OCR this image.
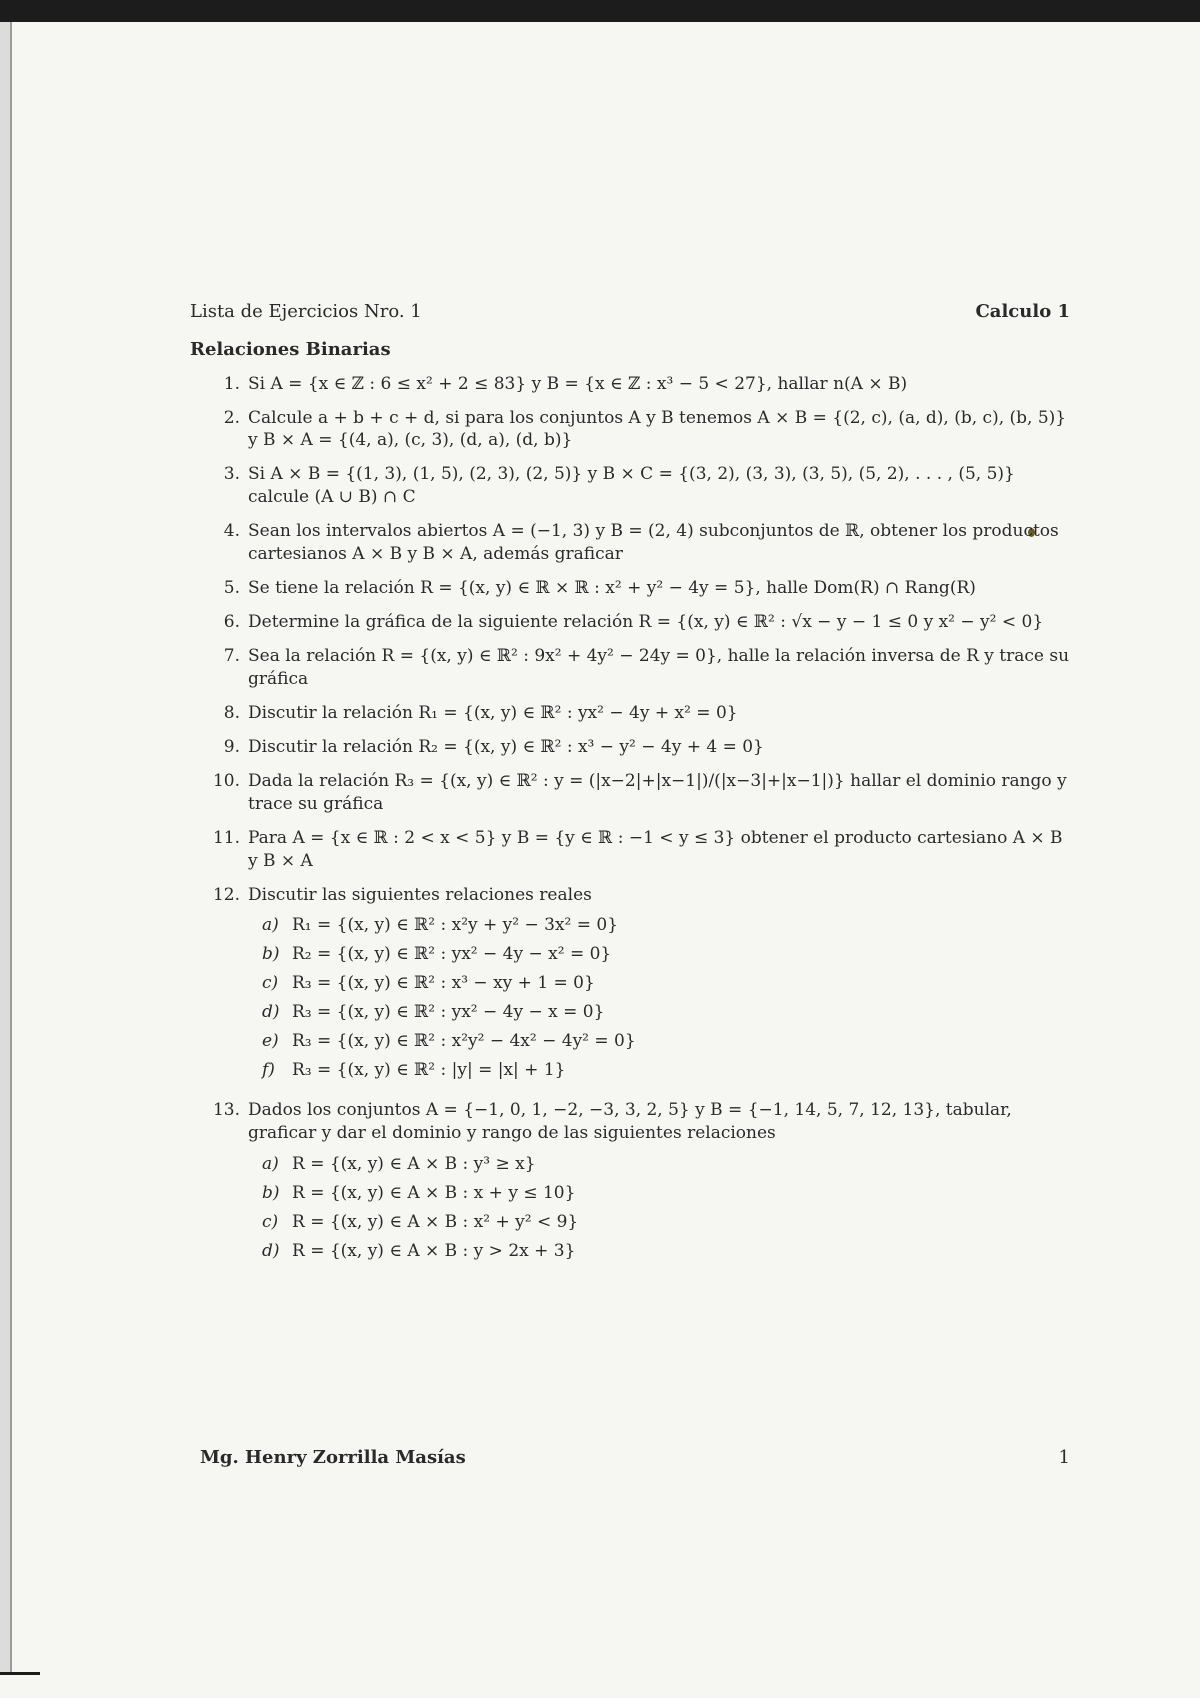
Lista de Ejercicios Nro. 1	Calculo 1
Relaciones Binarias
1. Si A = {x ∈ ℤ : 6 ≤ x² + 2 ≤ 83} y B = {x ∈ ℤ : x³ − 5 < 27}, hallar n(A × B)
2. Calcule a + b + c + d, si para los conjuntos A y B tenemos A × B = {(2, c), (a, d), (b, c), (b, 5)} y B × A = {(4, a), (c, 3), (d, a), (d, b)}
3. Si A × B = {(1, 3), (1, 5), (2, 3), (2, 5)} y B × C = {(3, 2), (3, 3), (3, 5), (5, 2), . . . , (5, 5)} calcule (A ∪ B) ∩ C
4. Sean los intervalos abiertos A = (−1, 3) y B = (2, 4) subconjuntos de ℝ, obtener los productos cartesianos A × B y B × A, además graficar
5. Se tiene la relación R = {(x, y) ∈ ℝ × ℝ : x² + y² − 4y = 5}, halle Dom(R) ∩ Rang(R)
6. Determine la gráfica de la siguiente relación R = {(x, y) ∈ ℝ² : √x − y − 1 ≤ 0 y x² − y² < 0}
7. Sea la relación R = {(x, y) ∈ ℝ² : 9x² + 4y² − 24y = 0}, halle la relación inversa de R y trace su gráfica
8. Discutir la relación R₁ = {(x, y) ∈ ℝ² : yx² − 4y + x² = 0}
9. Discutir la relación R₂ = {(x, y) ∈ ℝ² : x³ − y² − 4y + 4 = 0}
10. Dada la relación R₃ = {(x, y) ∈ ℝ² : y = (|x−2|+|x−1|)/(|x−3|+|x−1|)} hallar el dominio rango y trace su gráfica
11. Para A = {x ∈ ℝ : 2 < x < 5} y B = {y ∈ ℝ : −1 < y ≤ 3} obtener el producto cartesiano A × B y B × A
12. Discutir las siguientes relaciones reales
a) R₁ = {(x, y) ∈ ℝ² : x²y + y² − 3x² = 0}
b) R₂ = {(x, y) ∈ ℝ² : yx² − 4y − x² = 0}
c) R₃ = {(x, y) ∈ ℝ² : x³ − xy + 1 = 0}
d) R₃ = {(x, y) ∈ ℝ² : yx² − 4y − x = 0}
e) R₃ = {(x, y) ∈ ℝ² : x²y² − 4x² − 4y² = 0}
f) R₃ = {(x, y) ∈ ℝ² : |y| = |x| + 1}
13. Dados los conjuntos A = {−1, 0, 1, −2, −3, 3, 2, 5} y B = {−1, 14, 5, 7, 12, 13}, tabular, graficar y dar el dominio y rango de las siguientes relaciones
a) R = {(x, y) ∈ A × B : y³ ≥ x}
b) R = {(x, y) ∈ A × B : x + y ≤ 10}
c) R = {(x, y) ∈ A × B : x² + y² < 9}
d) R = {(x, y) ∈ A × B : y > 2x + 3}
Mg. Henry Zorrilla Masías	1
